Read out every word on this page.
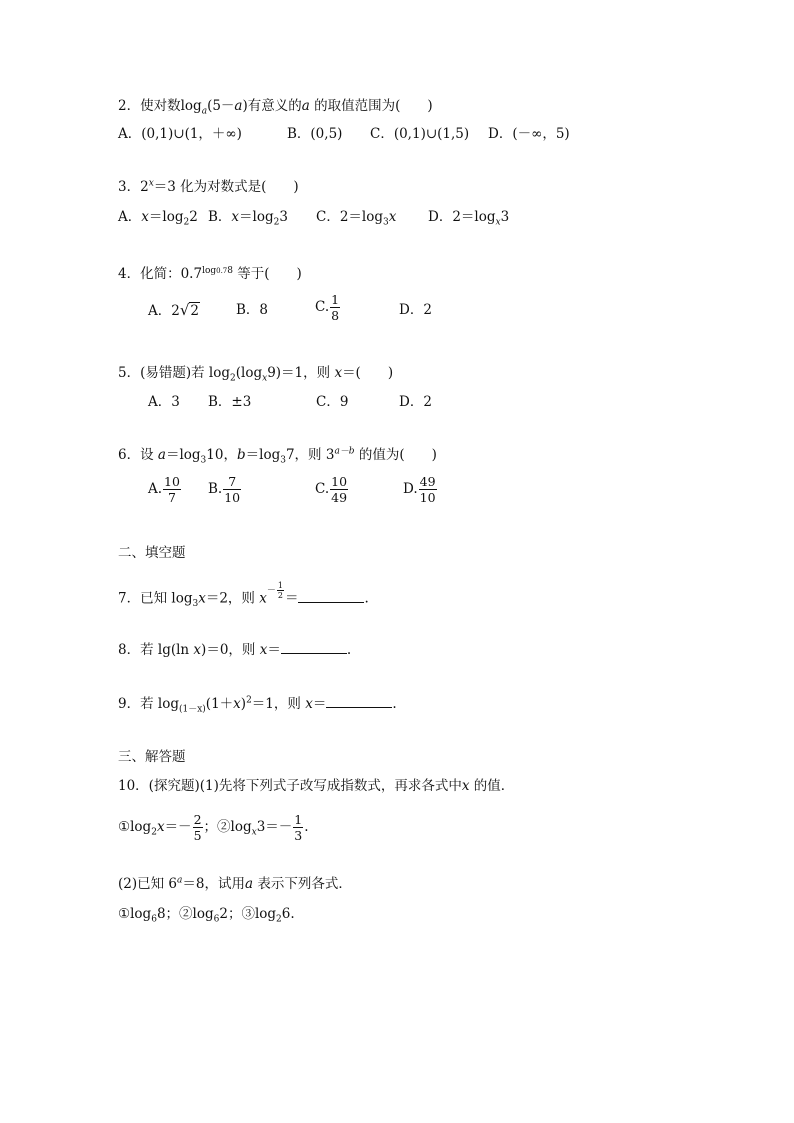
2．使对数$\log_a(5-a)$有意义的a 的取值范围为(　　)
A．(0,1)∪(1，＋∞)	B．(0,5) C．(0,1)∪(1,5) D．(－∞，5)
3．$2^x=3$ 化为对数式是(　　)
A．$x=\log_22$ B．$x=\log_23$ C．$2=\log_3x$ D．$2=\log_x3$
4．化简：$0.7^{log0.78}$ 等于(　　)
A．2√2	B．8	C. $\frac{1}{8}$	D．2
5．(易错题)若 $\log_2(\log_x9)=1$，则 x＝(　　)
A．3 B．±3	C．9	D．2
6．设 $a=\log_310$，$b=\log_37$，则 $3^{a-b}$ 的值为(　　)
A. $\frac{10}{7} B$. $\frac{7}{10}$	C. $\frac{10}{49}$	D. $\frac{49}{10}$
二、填空题
7．已知 $\log_3x=2$，则 $x^{- \frac{1}{2}}$ ＝	.
8．若 lg(ln x)＝0，则 x＝	.
9．若 $\log_{(1-x)}(1+x)^2=1$，则 x＝	.
三、解答题
10．(探究题)(1)先将下列式子改写成指数式，再求各式中x 的值．
$①\log_2x=- \frac{2}{5}$ ；$②\log_x3=- \frac{1}{3}$ .
(2)已知 $6^a=8$，试用a 表示下列各式．
$①\log_68$；$②\log_62$；$③\log_26$.
